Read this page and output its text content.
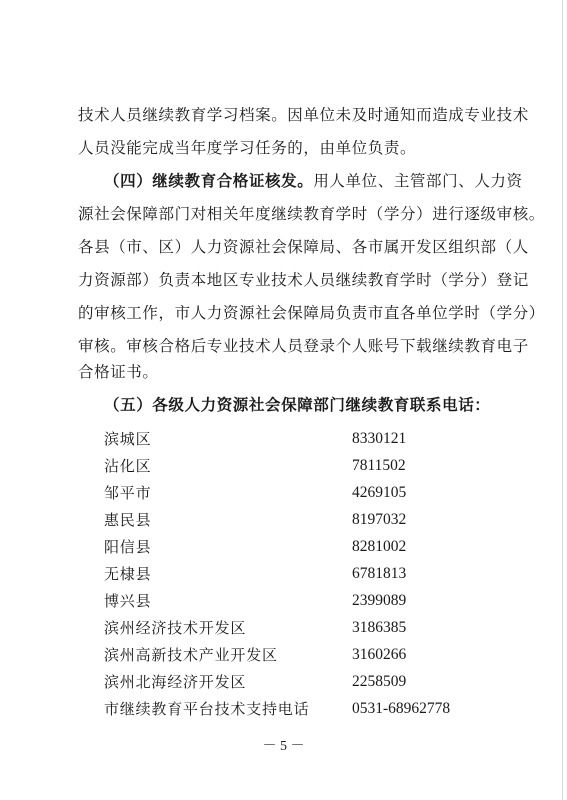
技术人员继续教育学习档案。因单位未及时通知而造成专业技术
人员没能完成当年度学习任务的，由单位负责。
（四）继续教育合格证核发。用人单位、主管部门、人力资
源社会保障部门对相关年度继续教育学时（学分）进行逐级审核。
各县（市、区）人力资源社会保障局、各市属开发区组织部（人
力资源部）负责本地区专业技术人员继续教育学时（学分）登记
的审核工作，市人力资源社会保障局负责市直各单位学时（学分）
审核。审核合格后专业技术人员登录个人账号下载继续教育电子
合格证书。
（五）各级人力资源社会保障部门继续教育联系电话：
滨城区	8330121
沾化区	7811502
邹平市	4269105
惠民县	8197032
阳信县	8281002
无棣县	6781813
博兴县	2399089
滨州经济技术开发区	3186385
滨州高新技术产业开发区	3160266
滨州北海经济开发区	2258509
市继续教育平台技术支持电话	0531-68962778
－ 5 －
